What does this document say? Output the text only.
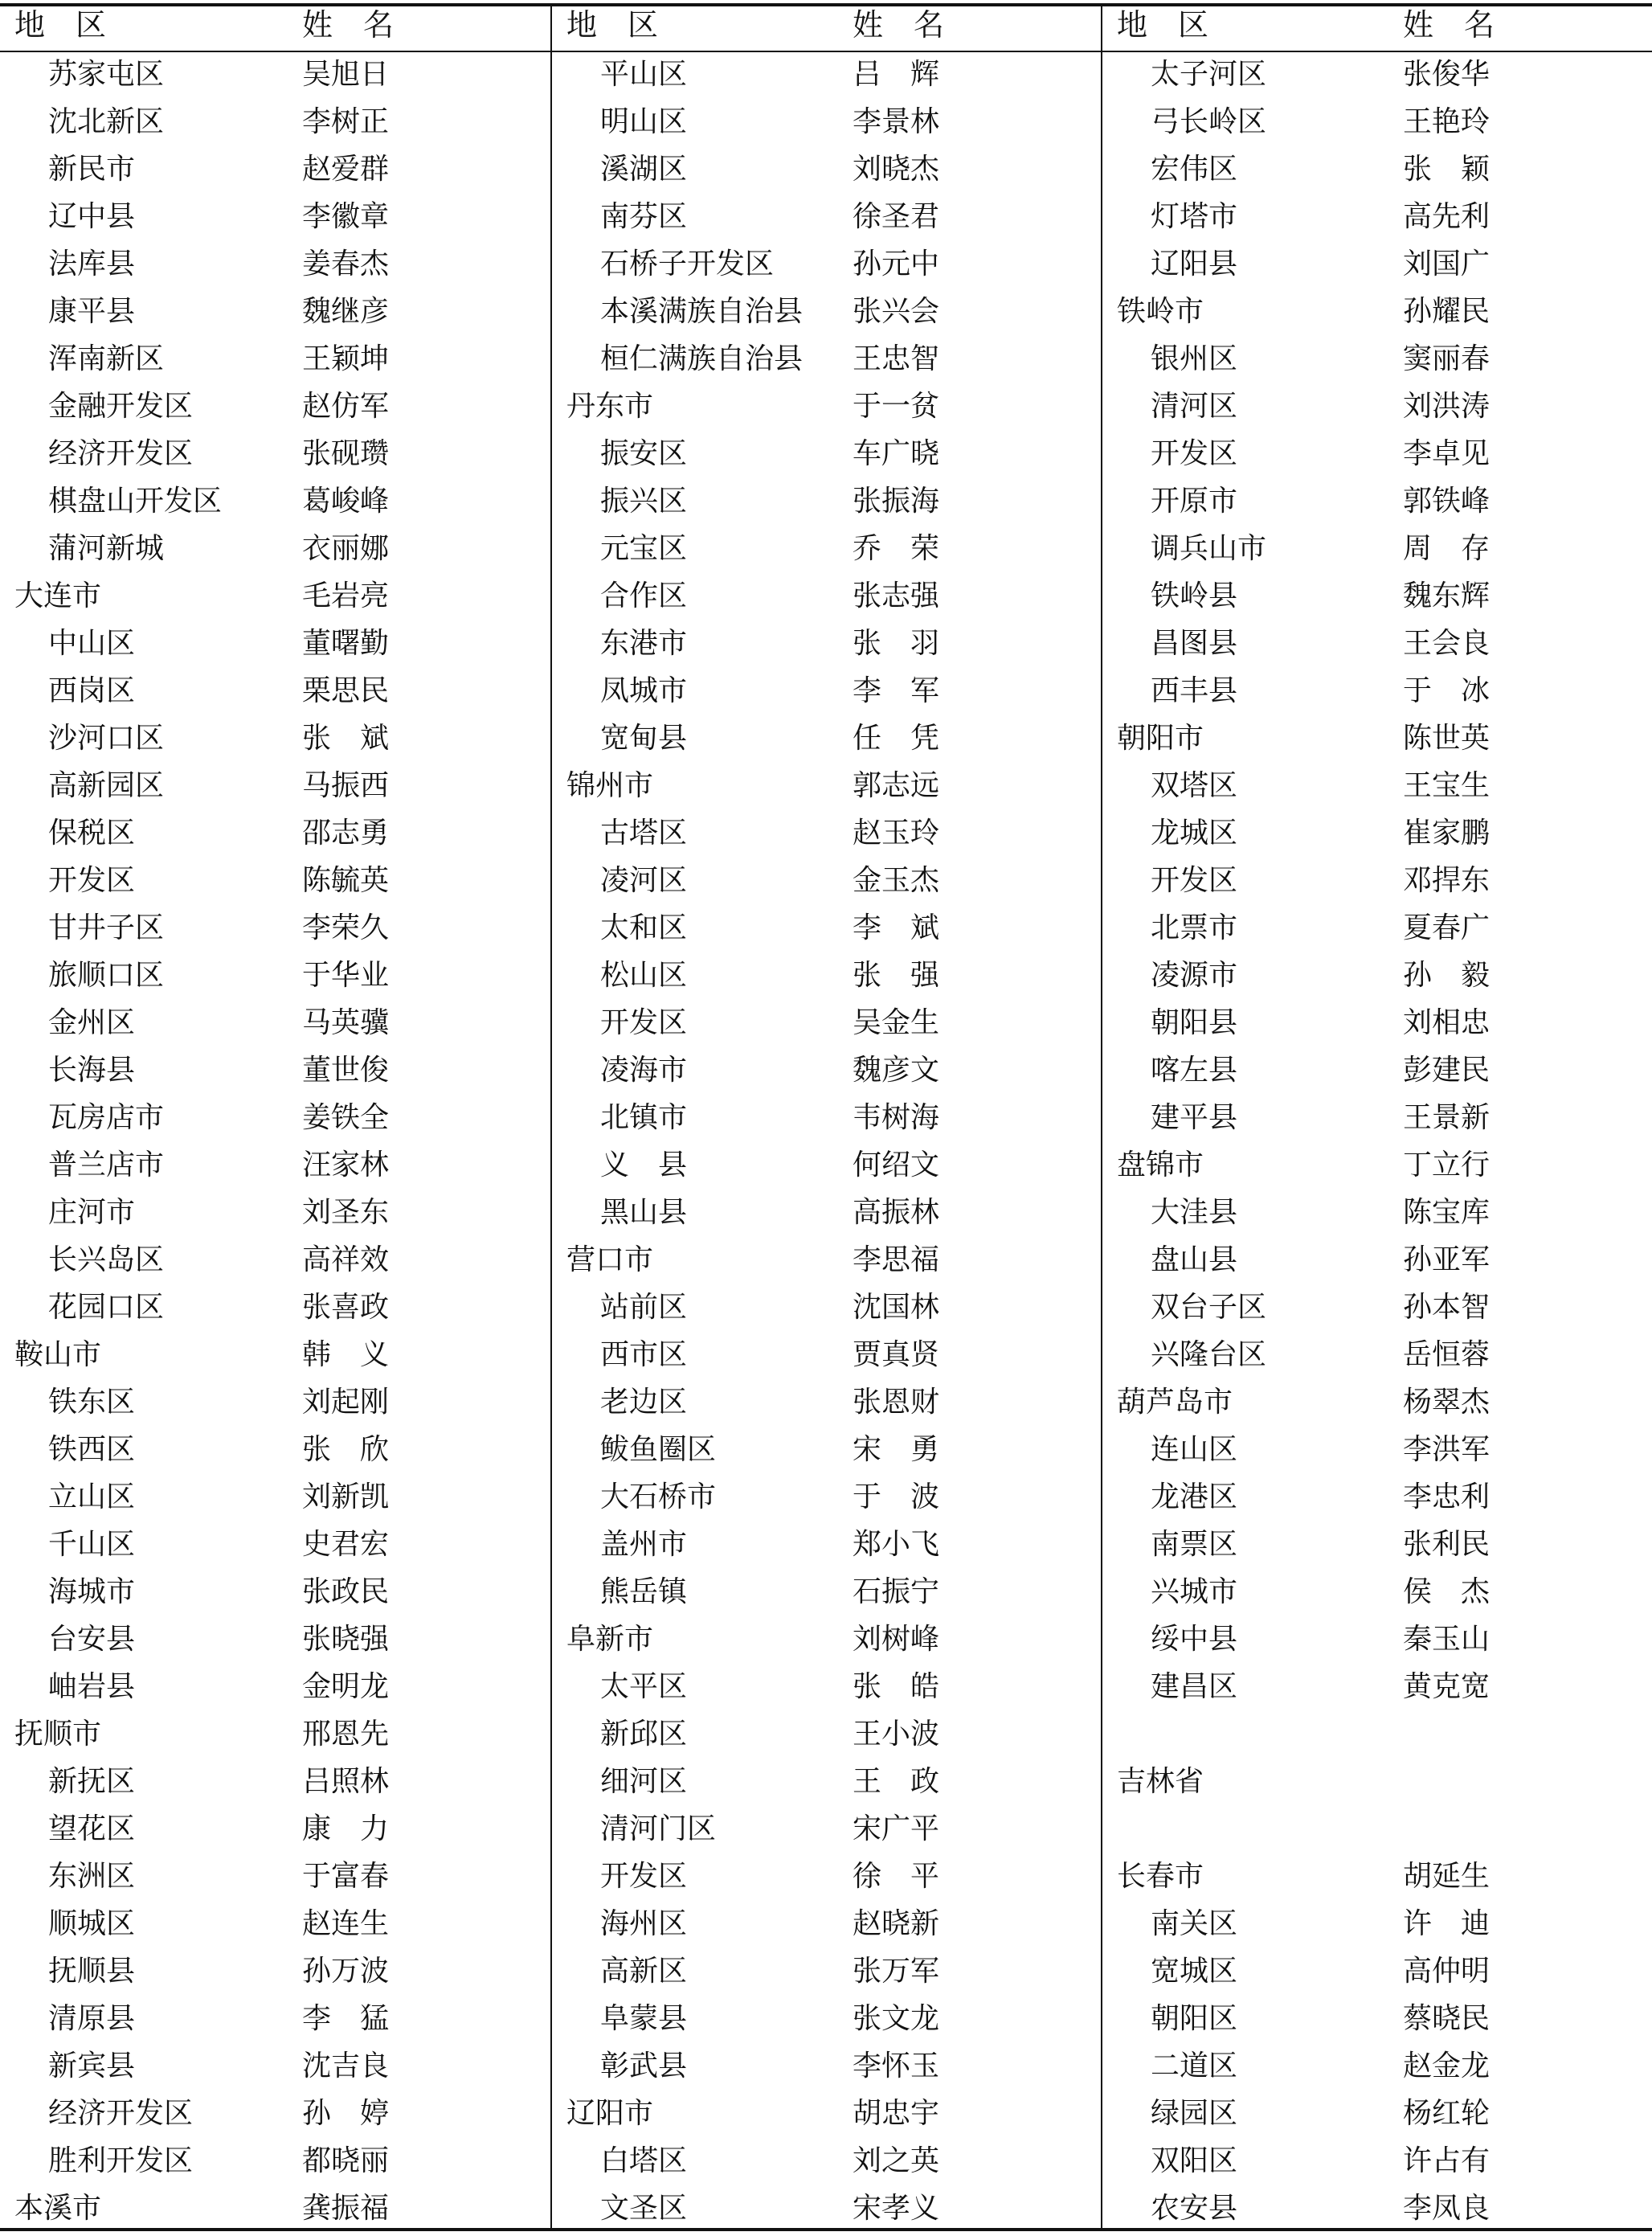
地　区	姓　名
苏家屯区	吴旭日
沈北新区	李树正
新民市	赵爱群
辽中县	李徽章
法库县	姜春杰
康平县	魏继彦
浑南新区	王颖坤
金融开发区	赵仿军
经济开发区	张砚瓒
棋盘山开发区	葛峻峰
蒲河新城	衣丽娜
大连市	毛岩亮
中山区	董曙勤
西岗区	栗思民
沙河口区	张　斌
高新园区	马振西
保税区	邵志勇
开发区	陈毓英
甘井子区	李荣久
旅顺口区	于华业
金州区	马英骥
长海县	董世俊
瓦房店市	姜铁全
普兰店市	汪家林
庄河市	刘圣东
长兴岛区	高祥效
花园口区	张喜政
鞍山市	韩　义
铁东区	刘起刚
铁西区	张　欣
立山区	刘新凯
千山区	史君宏
海城市	张政民
台安县	张晓强
岫岩县	金明龙
抚顺市	邢恩先
新抚区	吕照林
望花区	康　力
东洲区	于富春
顺城区	赵连生
抚顺县	孙万波
清原县	李　猛
新宾县	沈吉良
经济开发区	孙　婷
胜利开发区	都晓丽
本溪市	龚振福
地　区	姓　名
平山区	吕　辉
明山区	李景林
溪湖区	刘晓杰
南芬区	徐圣君
石桥子开发区	孙元中
本溪满族自治县 张兴会
桓仁满族自治县 王忠智
丹东市	于一贫
振安区	车广晓
振兴区	张振海
元宝区	乔　荣
合作区	张志强
东港市	张　羽
凤城市	李　军
宽甸县	任　凭
锦州市	郭志远
古塔区	赵玉玲
凌河区	金玉杰
太和区	李　斌
松山区	张　强
开发区	吴金生
凌海市	魏彦文
北镇市	韦树海
义　县	何绍文
黑山县	高振林
营口市	李思福
站前区	沈国林
西市区	贾真贤
老边区	张恩财
鲅鱼圈区	宋　勇
大石桥市	于　波
盖州市	郑小飞
熊岳镇	石振宁
阜新市	刘树峰
太平区	张　皓
新邱区	王小波
细河区	王　政
清河门区	宋广平
开发区	徐　平
海州区	赵晓新
高新区	张万军
阜蒙县	张文龙
彰武县	李怀玉
辽阳市	胡忠宇
白塔区	刘之英
文圣区	宋孝义
地　区	姓　名
太子河区	张俊华
弓长岭区	王艳玲
宏伟区	张　颖
灯塔市	高先利
辽阳县	刘国广
铁岭市	孙耀民
银州区	窦丽春
清河区	刘洪涛
开发区	李卓见
开原市	郭铁峰
调兵山市	周　存
铁岭县	魏东辉
昌图县	王会良
西丰县	于　冰
朝阳市	陈世英
双塔区	王宝生
龙城区	崔家鹏
开发区	邓捍东
北票市	夏春广
凌源市	孙　毅
朝阳县	刘相忠
喀左县	彭建民
建平县	王景新
盘锦市	丁立行
大洼县	陈宝库
盘山县	孙亚军
双台子区	孙本智
兴隆台区	岳恒蓉
葫芦岛市	杨翠杰
连山区	李洪军
龙港区	李忠利
南票区	张利民
兴城市	侯　杰
绥中县	秦玉山
建昌区	黄克宽
吉林省
长春市	胡延生
南关区	许　迪
宽城区	高仲明
朝阳区	蔡晓民
二道区	赵金龙
绿园区	杨红轮
双阳区	许占有
农安县	李凤良
